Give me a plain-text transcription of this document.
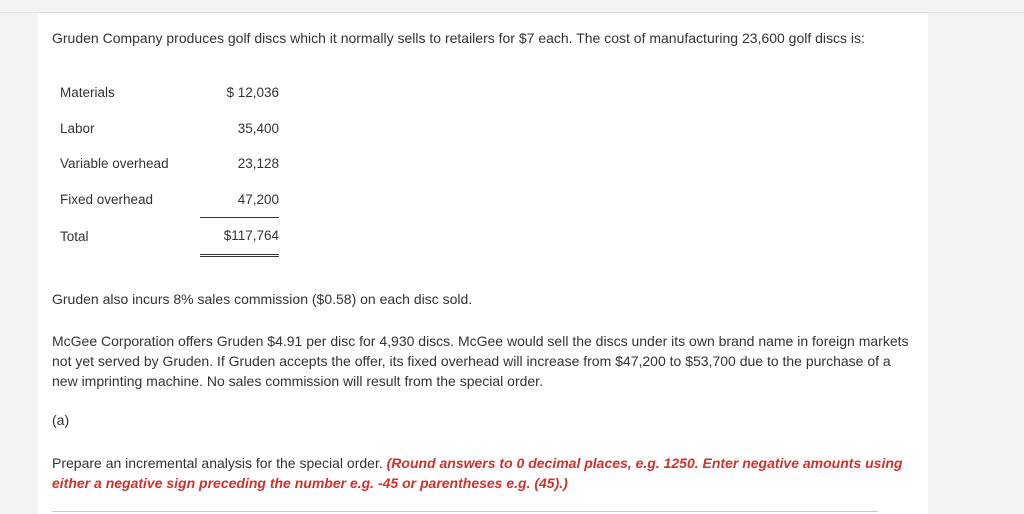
Gruden Company produces golf discs which it normally sells to retailers for $7 each. The cost of manufacturing 23,600 golf discs is:
Materials	$ 12,036
Labor	35,400
Variable overhead	23,128
Fixed overhead	47,200
Total	$117,764
Gruden also incurs 8% sales commission ($0.58) on each disc sold.
McGee Corporation offers Gruden $4.91 per disc for 4,930 discs. McGee would sell the discs under its own brand name in foreign markets not yet served by Gruden. If Gruden accepts the offer, its fixed overhead will increase from $47,200 to $53,700 due to the purchase of a new imprinting machine. No sales commission will result from the special order.
(a)
Prepare an incremental analysis for the special order. (Round answers to 0 decimal places, e.g. 1250. Enter negative amounts using either a negative sign preceding the number e.g. -45 or parentheses e.g. (45).)
